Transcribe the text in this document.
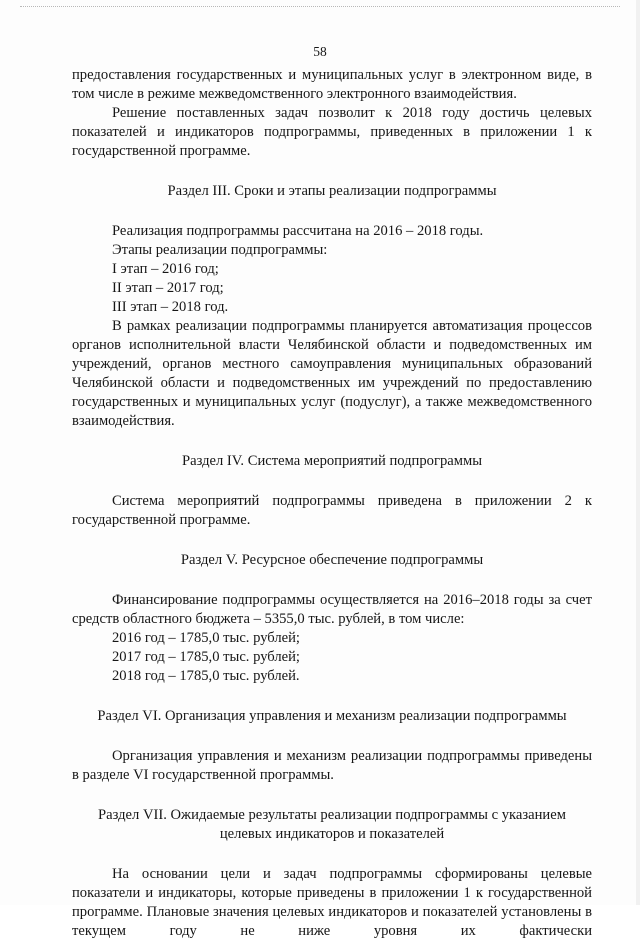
58

предоставления государственных и муниципальных услуг в электронном виде, в том числе в режиме межведомственного электронного взаимодействия.

Решение поставленных задач позволит к 2018 году достичь целевых показателей и индикаторов подпрограммы, приведенных в приложении 1 к государственной программе.

Раздел III. Сроки и этапы реализации подпрограммы

Реализация подпрограммы рассчитана на 2016 – 2018 годы.

Этапы реализации подпрограммы:

I этап – 2016 год;

II этап – 2017 год;

III этап – 2018 год.

В рамках реализации подпрограммы планируется автоматизация процессов органов исполнительной власти Челябинской области и подведомственных им учреждений, органов местного самоуправления муниципальных образований Челябинской области и подведомственных им учреждений по предоставлению государственных и муниципальных услуг (подуслуг), а также межведомственного взаимодействия.

Раздел IV. Система мероприятий подпрограммы

Система мероприятий подпрограммы приведена в приложении 2 к государственной программе.

Раздел V. Ресурсное обеспечение подпрограммы

Финансирование подпрограммы осуществляется на 2016–2018 годы за счет средств областного бюджета – 5355,0 тыс. рублей, в том числе:

2016 год – 1785,0 тыс. рублей;

2017 год – 1785,0 тыс. рублей;

2018 год – 1785,0 тыс. рублей.

Раздел VI. Организация управления и механизм реализации подпрограммы

Организация управления и механизм реализации подпрограммы приведены в разделе VI государственной программы.

Раздел VII. Ожидаемые результаты реализации подпрограммы с указанием

целевых индикаторов и показателей

На основании цели и задач подпрограммы сформированы целевые показатели и индикаторы, которые приведены в приложении 1 к государственной программе. Плановые значения целевых индикаторов и показателей установлены в текущем году не ниже уровня их фактически
